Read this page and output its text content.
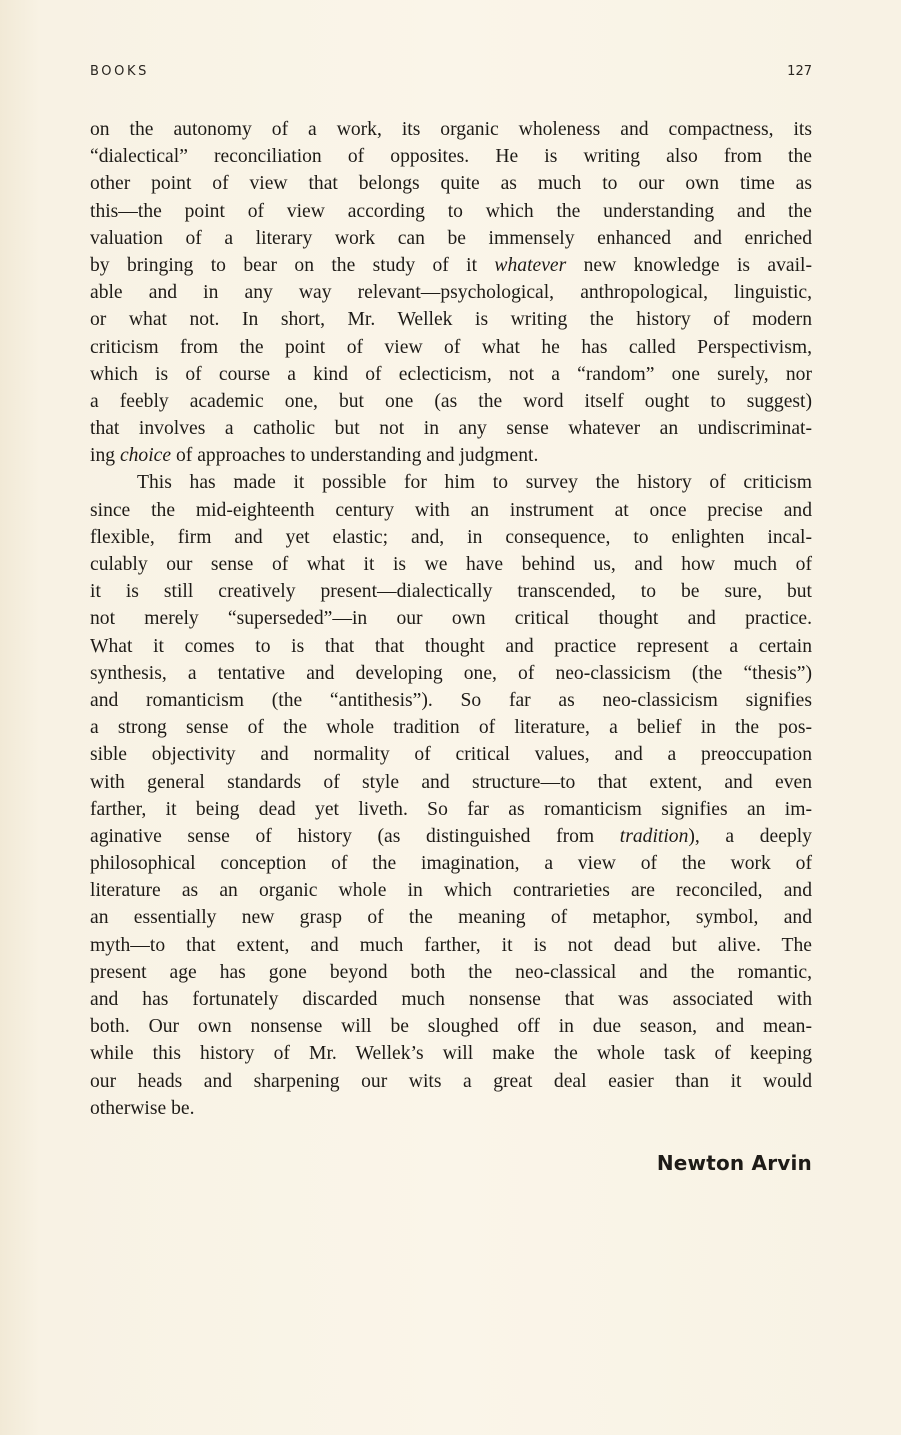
BOOKS	127
on the autonomy of a work, its organic wholeness and compactness, its
“dialectical” reconciliation of opposites. He is writing also from the
other point of view that belongs quite as much to our own time as
this—the point of view according to which the understanding and the
valuation of a literary work can be immensely enhanced and enriched
by bringing to bear on the study of it whatever new knowledge is avail-
able and in any way relevant—psychological, anthropological, linguistic,
or what not. In short, Mr. Wellek is writing the history of modern
criticism from the point of view of what he has called Perspectivism,
which is of course a kind of eclecticism, not a “random” one surely, nor
a feebly academic one, but one (as the word itself ought to suggest)
that involves a catholic but not in any sense whatever an undiscriminat-
ing choice of approaches to understanding and judgment.
This has made it possible for him to survey the history of criticism
since the mid-eighteenth century with an instrument at once precise and
flexible, firm and yet elastic; and, in consequence, to enlighten incal-
culably our sense of what it is we have behind us, and how much of
it is still creatively present—dialectically transcended, to be sure, but
not merely “superseded”—in our own critical thought and practice.
What it comes to is that that thought and practice represent a certain
synthesis, a tentative and developing one, of neo-classicism (the “thesis”)
and romanticism (the “antithesis”). So far as neo-classicism signifies
a strong sense of the whole tradition of literature, a belief in the pos-
sible objectivity and normality of critical values, and a preoccupation
with general standards of style and structure—to that extent, and even
farther, it being dead yet liveth. So far as romanticism signifies an im-
aginative sense of history (as distinguished from tradition), a deeply
philosophical conception of the imagination, a view of the work of
literature as an organic whole in which contrarieties are reconciled, and
an essentially new grasp of the meaning of metaphor, symbol, and
myth—to that extent, and much farther, it is not dead but alive. The
present age has gone beyond both the neo-classical and the romantic,
and has fortunately discarded much nonsense that was associated with
both. Our own nonsense will be sloughed off in due season, and mean-
while this history of Mr. Wellek’s will make the whole task of keeping
our heads and sharpening our wits a great deal easier than it would
otherwise be.
Newton Arvin
